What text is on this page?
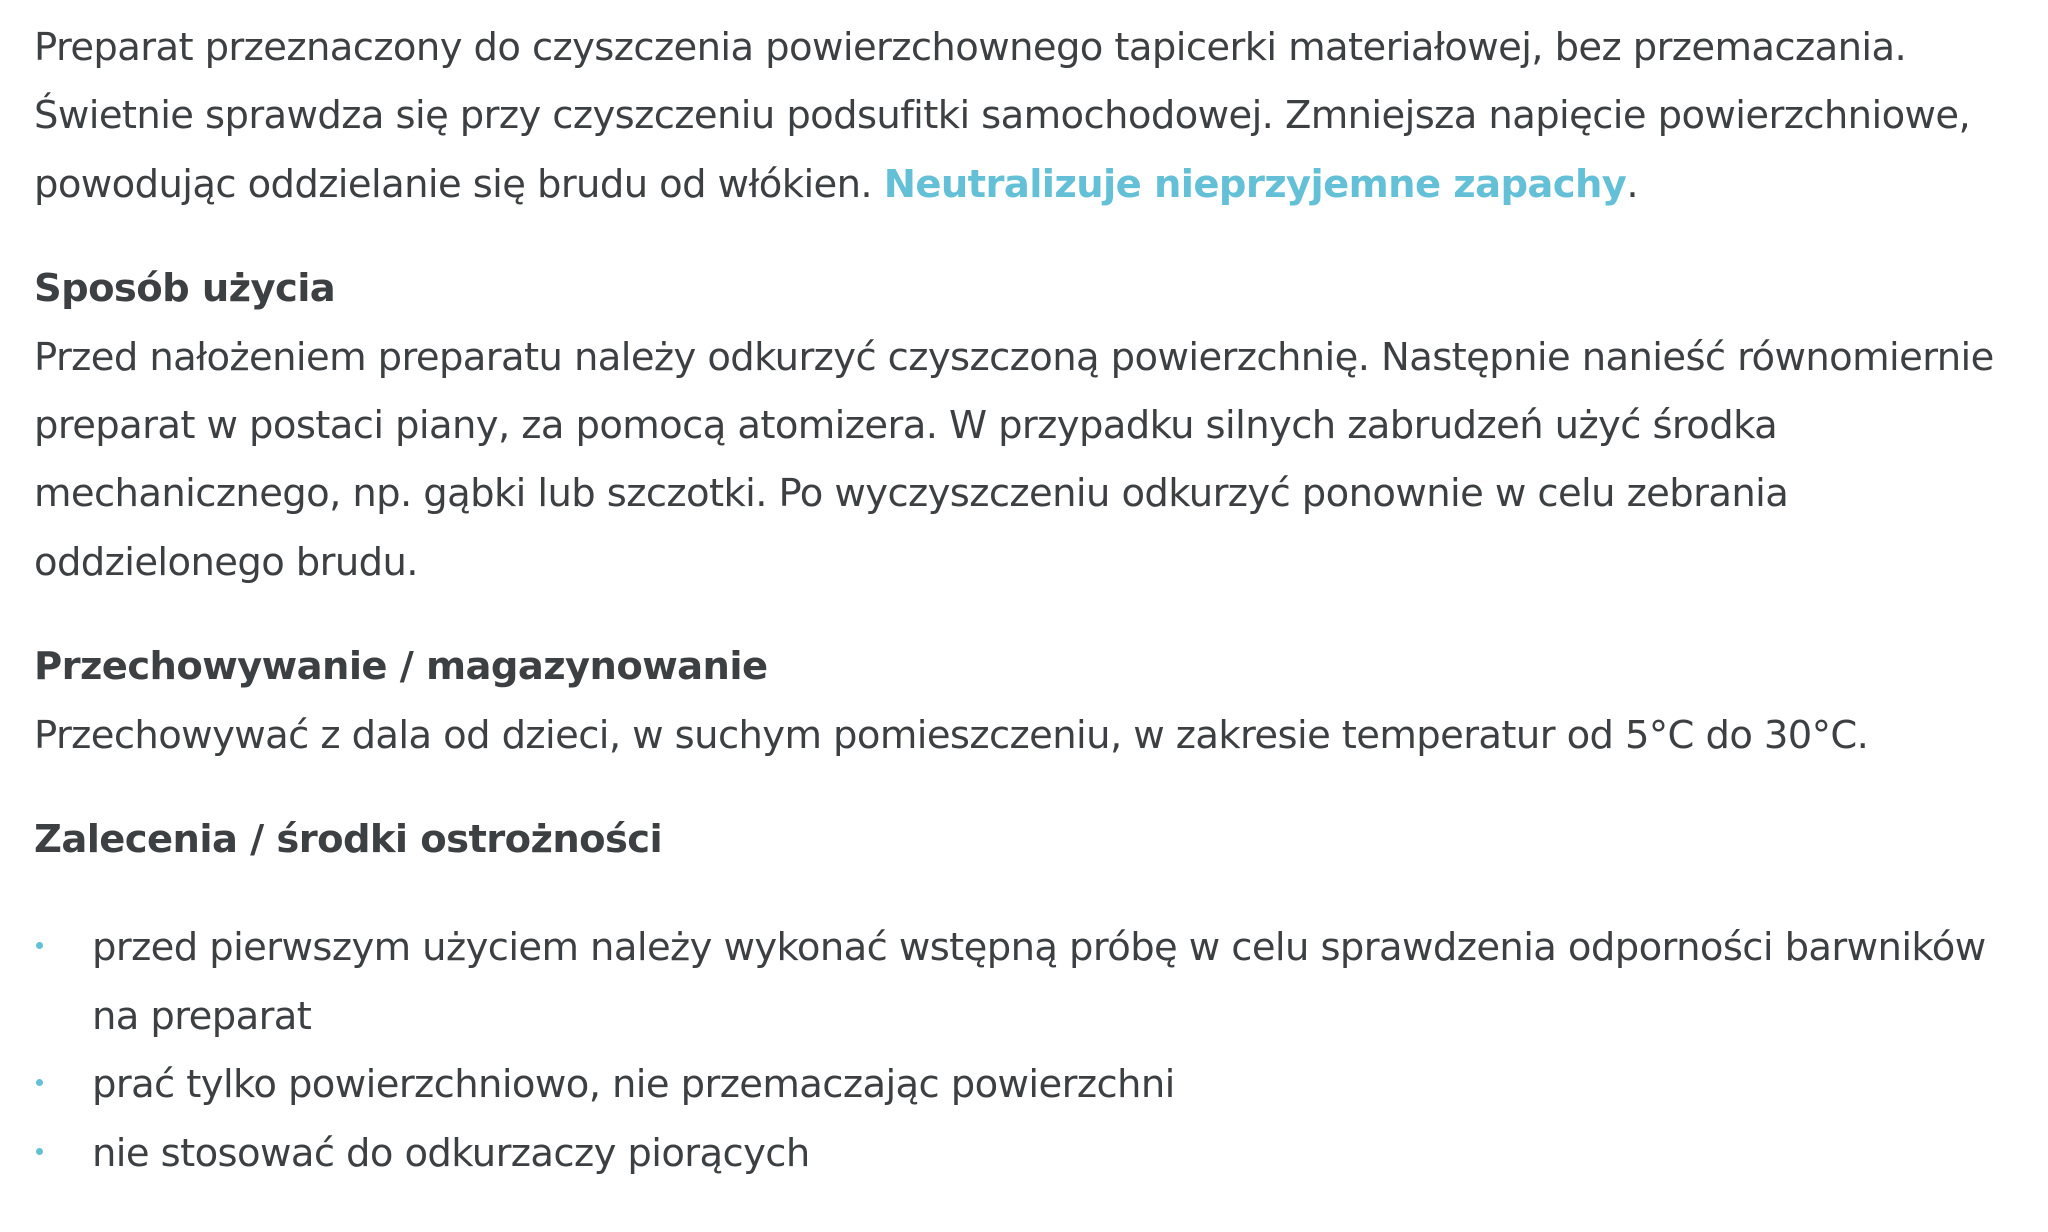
Preparat przeznaczony do czyszczenia powierzchownego tapicerki materiałowej, bez przemaczania. Świetnie sprawdza się przy czyszczeniu podsufitki samochodowej. Zmniejsza napięcie powierzchniowe, powodując oddzielanie się brudu od włókien. Neutralizuje nieprzyjemne zapachy.

Sposób użycia

Przed nałożeniem preparatu należy odkurzyć czyszczoną powierzchnię. Następnie nanieść równomiernie preparat w postaci piany, za pomocą atomizera. W przypadku silnych zabrudzeń użyć środka mechanicznego, np. gąbki lub szczotki. Po wyczyszczeniu odkurzyć ponownie w celu zebrania oddzielonego brudu.

Przechowywanie / magazynowanie

Przechowywać z dala od dzieci, w suchym pomieszczeniu, w zakresie temperatur od 5°C do 30°C.

Zalecenia / środki ostrożności
przed pierwszym użyciem należy wykonać wstępną próbę w celu sprawdzenia odporności barwników na preparat
prać tylko powierzchniowo, nie przemaczając powierzchni
nie stosować do odkurzaczy piorących
